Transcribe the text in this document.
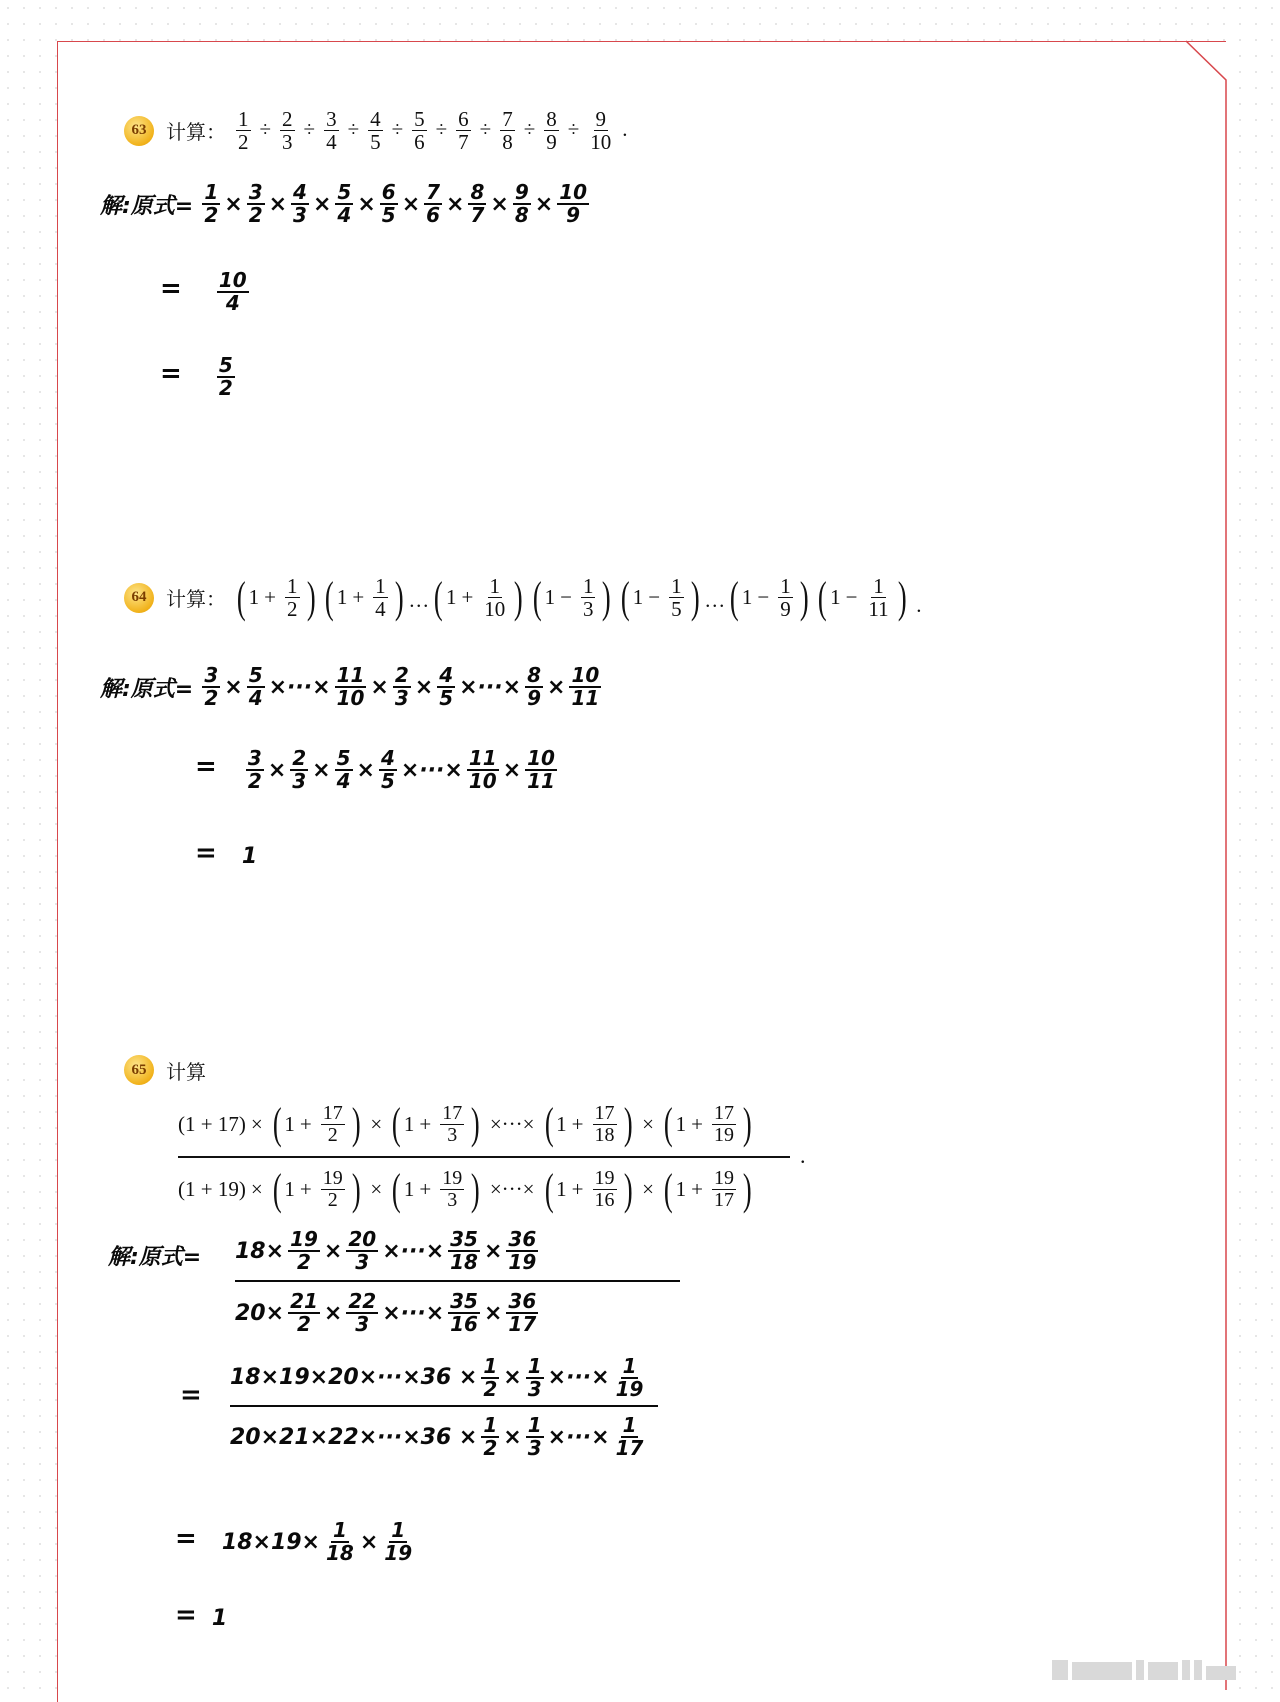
63 计算： $\frac{1}{2} \div \frac{2}{3} \div \frac{3}{4} \div \frac{4}{5} \div \frac{5}{6} \div \frac{6}{7} \div \frac{7}{8} \div \frac{8}{9} \div \frac{9}{10}$ .
解:原式= $\frac{1}{2} \times \frac{3}{2} \times \frac{4}{3} \times \frac{5}{4} \times \frac{6}{5} \times \frac{7}{6} \times \frac{8}{7} \times \frac{9}{8} \times \frac{10}{9}$
= $\frac{10}{4}$
= $\frac{5}{2}$
64 计算： ( $1 + \frac{1}{2}$ ) ( $1 + \frac{1}{4}$ ) ··· ( $1 + \frac{1}{10}$ ) ( $1 - \frac{1}{3}$ ) ( $1 - \frac{1}{5}$ ) ··· ( $1 - \frac{1}{9}$ ) ( $1 - \frac{1}{11}$ ) .
解:原式= $\frac{3}{2} \times \frac{5}{4}$ ×···× $\frac{11}{10} \times \frac{2}{3} \times \frac{4}{5}$ ×···× $\frac{8}{9} \times \frac{10}{11}$
= $\frac{3}{2} \times \frac{2}{3} \times \frac{5}{4} \times \frac{4}{5}$ ×···× $\frac{11}{10} \times \frac{10}{11}$
= 1
65 计算
(1 + 17) × ( $1 + \frac{17}{2}$ ) × ( $1 + \frac{17}{3}$ ) ×···× ( $1 + \frac{17}{18}$ ) × ( $1 + \frac{17}{19}$ )
(1 + 19) × ( $1 + \frac{19}{2}$ ) × ( $1 + \frac{19}{3}$ ) ×···× ( $1 + \frac{19}{16}$ ) × ( $1 + \frac{19}{17}$ )
.
解:原式= $18\times \frac{19}{2} \times \frac{20}{3}$ ×···× $\frac{35}{18} \times \frac{36}{19}$
$20\times \frac{21}{2} \times \frac{22}{3}$ ×···× $\frac{35}{16} \times \frac{36}{17}$
=
$18\times 19\times 20\times\cdot\cdot\cdot\times 36 \times \frac{1}{2} \times \frac{1}{3}$ ×···× $\frac{1}{19}$
$20\times 21\times 22\times\cdot\cdot\cdot\times 36 \times \frac{1}{2} \times \frac{1}{3}$ ×···× $\frac{1}{17}$
= $18\times 19\times \frac{1}{18} \times \frac{1}{19}$
= 1
